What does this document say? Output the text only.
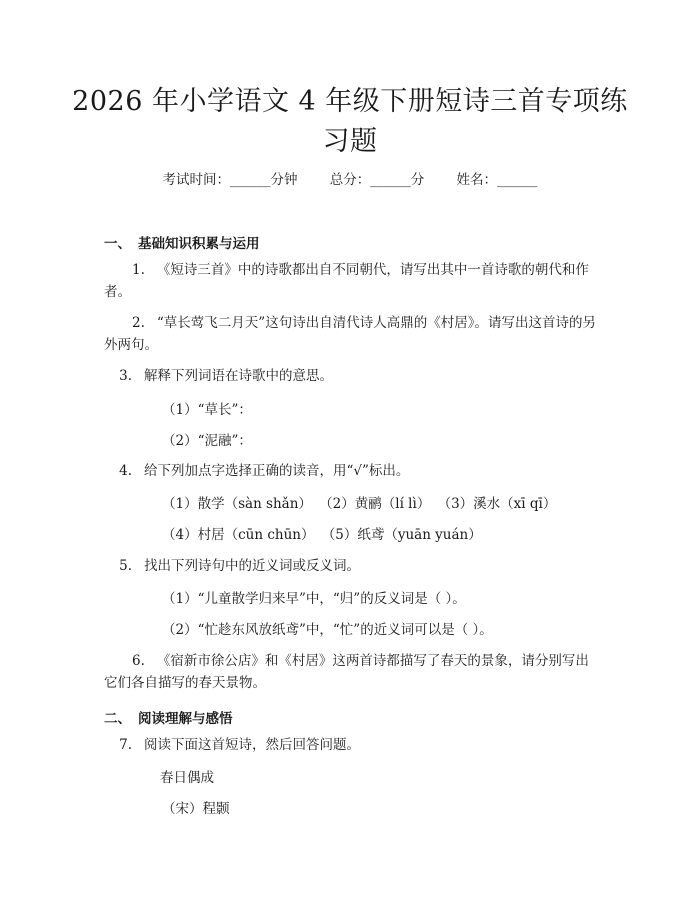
2026 年小学语文 4 年级下册短诗三首专项练
习题
考试时间：______分钟 总分：______分 姓名：______
一、 基础知识积累与运用
1. 《短诗三首》中的诗歌都出自不同朝代，请写出其中一首诗歌的朝代和作者。
2. “草长莺飞二月天”这句诗出自清代诗人高鼎的《村居》。请写出这首诗的另外两句。
3. 解释下列词语在诗歌中的意思。
（1）“草长”：
（2）“泥融”：
4. 给下列加点字选择正确的读音，用“√”标出。
（1）散学（sàn shǎn） （2）黄鹂（lí lì） （3）溪水（xī qī）
（4）村居（cūn chūn） （5）纸鸢（yuān yuán）
5. 找出下列诗句中的近义词或反义词。
（1）“儿童散学归来早”中，“归”的反义词是（ ）。
（2）“忙趁东风放纸鸢”中，“忙”的近义词可以是（ ）。
6. 《宿新市徐公店》和《村居》这两首诗都描写了春天的景象，请分别写出它们各自描写的春天景物。
二、 阅读理解与感悟
7. 阅读下面这首短诗，然后回答问题。
春日偶成
（宋）程颢
